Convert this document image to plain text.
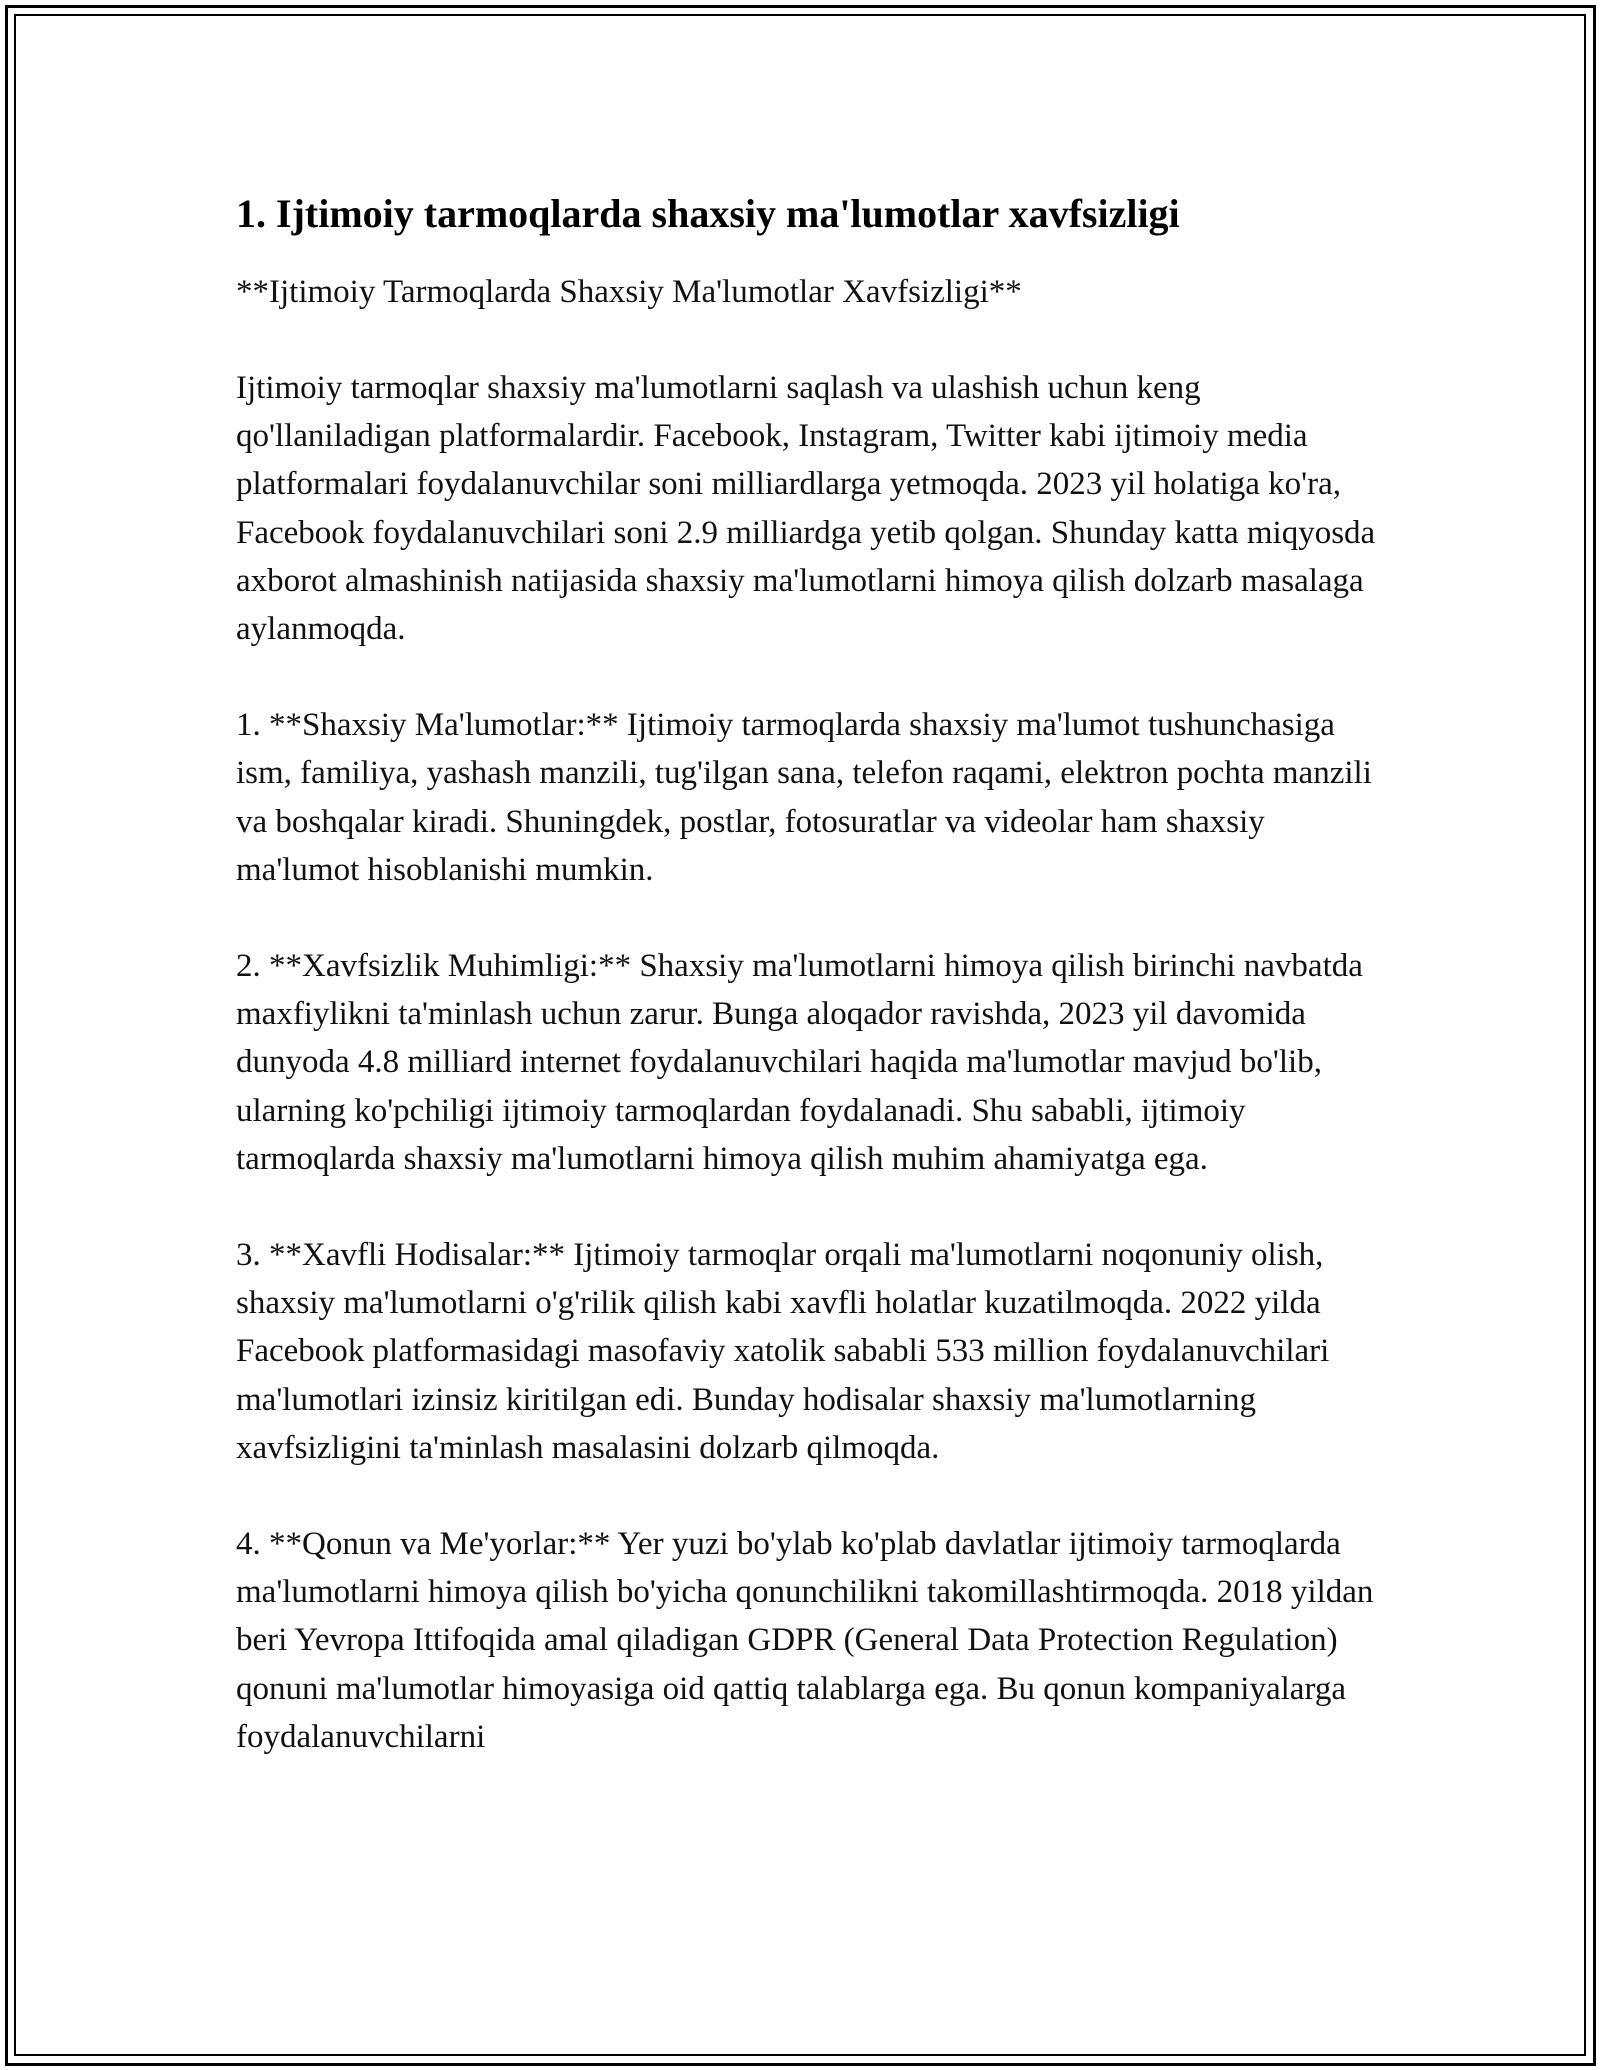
1. Ijtimoiy tarmoqlarda shaxsiy ma'lumotlar xavfsizligi

**Ijtimoiy Tarmoqlarda Shaxsiy Ma'lumotlar Xavfsizligi**

Ijtimoiy tarmoqlar shaxsiy ma'lumotlarni saqlash va ulashish uchun keng qo'llaniladigan platformalardir. Facebook, Instagram, Twitter kabi ijtimoiy media platformalari foydalanuvchilar soni milliardlarga yetmoqda. 2023 yil holatiga ko'ra, Facebook foydalanuvchilari soni 2.9 milliardga yetib qolgan. Shunday katta miqyosda axborot almashinish natijasida shaxsiy ma'lumotlarni himoya qilish dolzarb masalaga aylanmoqda.

1. **Shaxsiy Ma'lumotlar:** Ijtimoiy tarmoqlarda shaxsiy ma'lumot tushunchasiga ism, familiya, yashash manzili, tug'ilgan sana, telefon raqami, elektron pochta manzili va boshqalar kiradi. Shuningdek, postlar, fotosuratlar va videolar ham shaxsiy ma'lumot hisoblanishi mumkin.

2. **Xavfsizlik Muhimligi:** Shaxsiy ma'lumotlarni himoya qilish birinchi navbatda maxfiylikni ta'minlash uchun zarur. Bunga aloqador ravishda, 2023 yil davomida dunyoda 4.8 milliard internet foydalanuvchilari haqida ma'lumotlar mavjud bo'lib, ularning ko'pchiligi ijtimoiy tarmoqlardan foydalanadi. Shu sababli, ijtimoiy tarmoqlarda shaxsiy ma'lumotlarni himoya qilish muhim ahamiyatga ega.

3. **Xavfli Hodisalar:** Ijtimoiy tarmoqlar orqali ma'lumotlarni noqonuniy olish, shaxsiy ma'lumotlarni o'g'rilik qilish kabi xavfli holatlar kuzatilmoqda. 2022 yilda Facebook platformasidagi masofaviy xatolik sababli 533 million foydalanuvchilari ma'lumotlari izinsiz kiritilgan edi. Bunday hodisalar shaxsiy ma'lumotlarning xavfsizligini ta'minlash masalasini dolzarb qilmoqda.

4. **Qonun va Me'yorlar:** Yer yuzi bo'ylab ko'plab davlatlar ijtimoiy tarmoqlarda ma'lumotlarni himoya qilish bo'yicha qonunchilikni takomillashtirmoqda. 2018 yildan beri Yevropa Ittifoqida amal qiladigan GDPR (General Data Protection Regulation) qonuni ma'lumotlar himoyasiga oid qattiq talablarga ega. Bu qonun kompaniyalarga foydalanuvchilarni
